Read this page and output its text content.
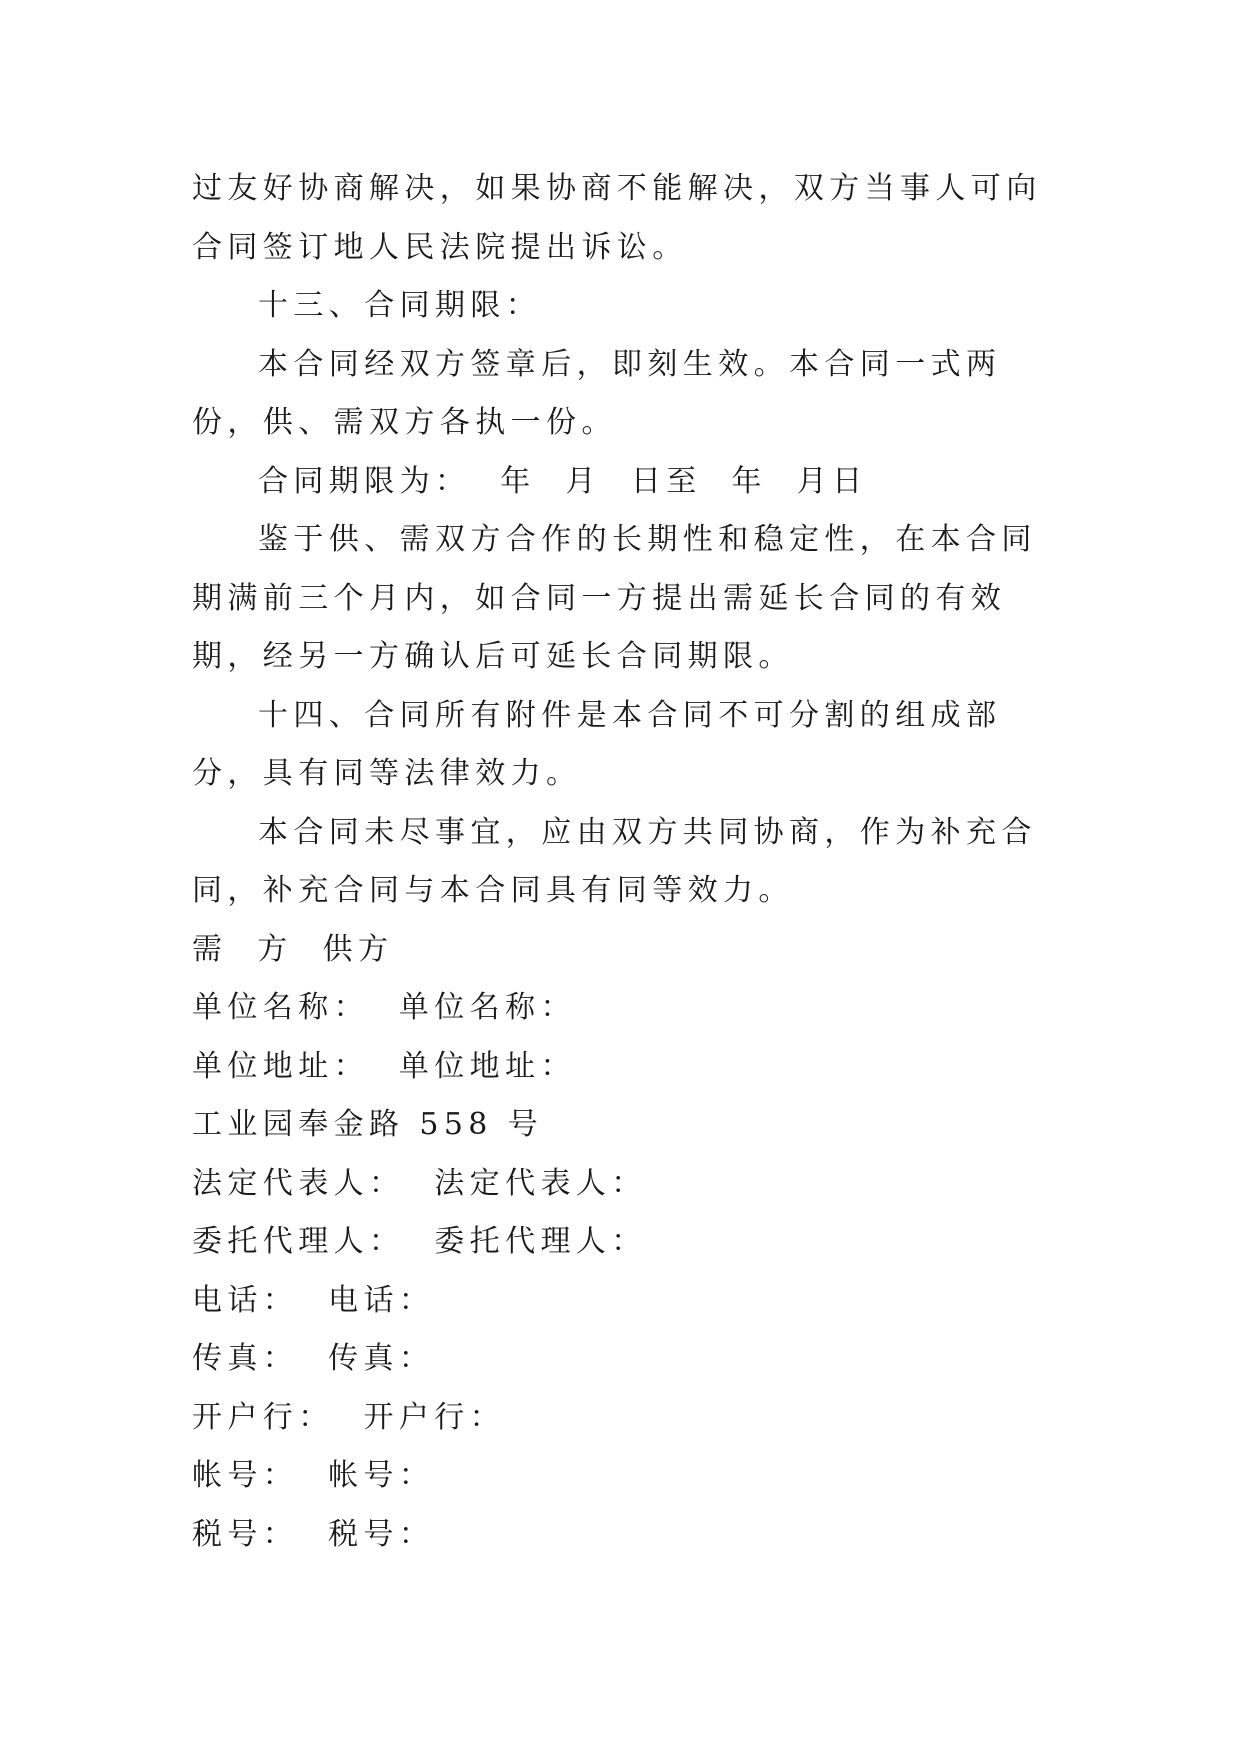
过友好协商解决，如果协商不能解决，双方当事人可向合同签订地人民法院提出诉讼。

十三、合同期限：

本合同经双方签章后，即刻生效。本合同一式两份，供、需双方各执一份。

合同期限为：  年  月  日至  年  月日

鉴于供、需双方合作的长期性和稳定性，在本合同期满前三个月内，如合同一方提出需延长合同的有效期，经另一方确认后可延长合同期限。

十四、合同所有附件是本合同不可分割的组成部分，具有同等法律效力。

本合同未尽事宜，应由双方共同协商，作为补充合同，补充合同与本合同具有同等效力。

需  方  供方

单位名称：  单位名称：

单位地址：  单位地址：

工业园奉金路 558 号

法定代表人：  法定代表人：

委托代理人：  委托代理人：

电话：  电话：

传真：  传真：

开户行：  开户行：

帐号：  帐号：

税号：  税号：
